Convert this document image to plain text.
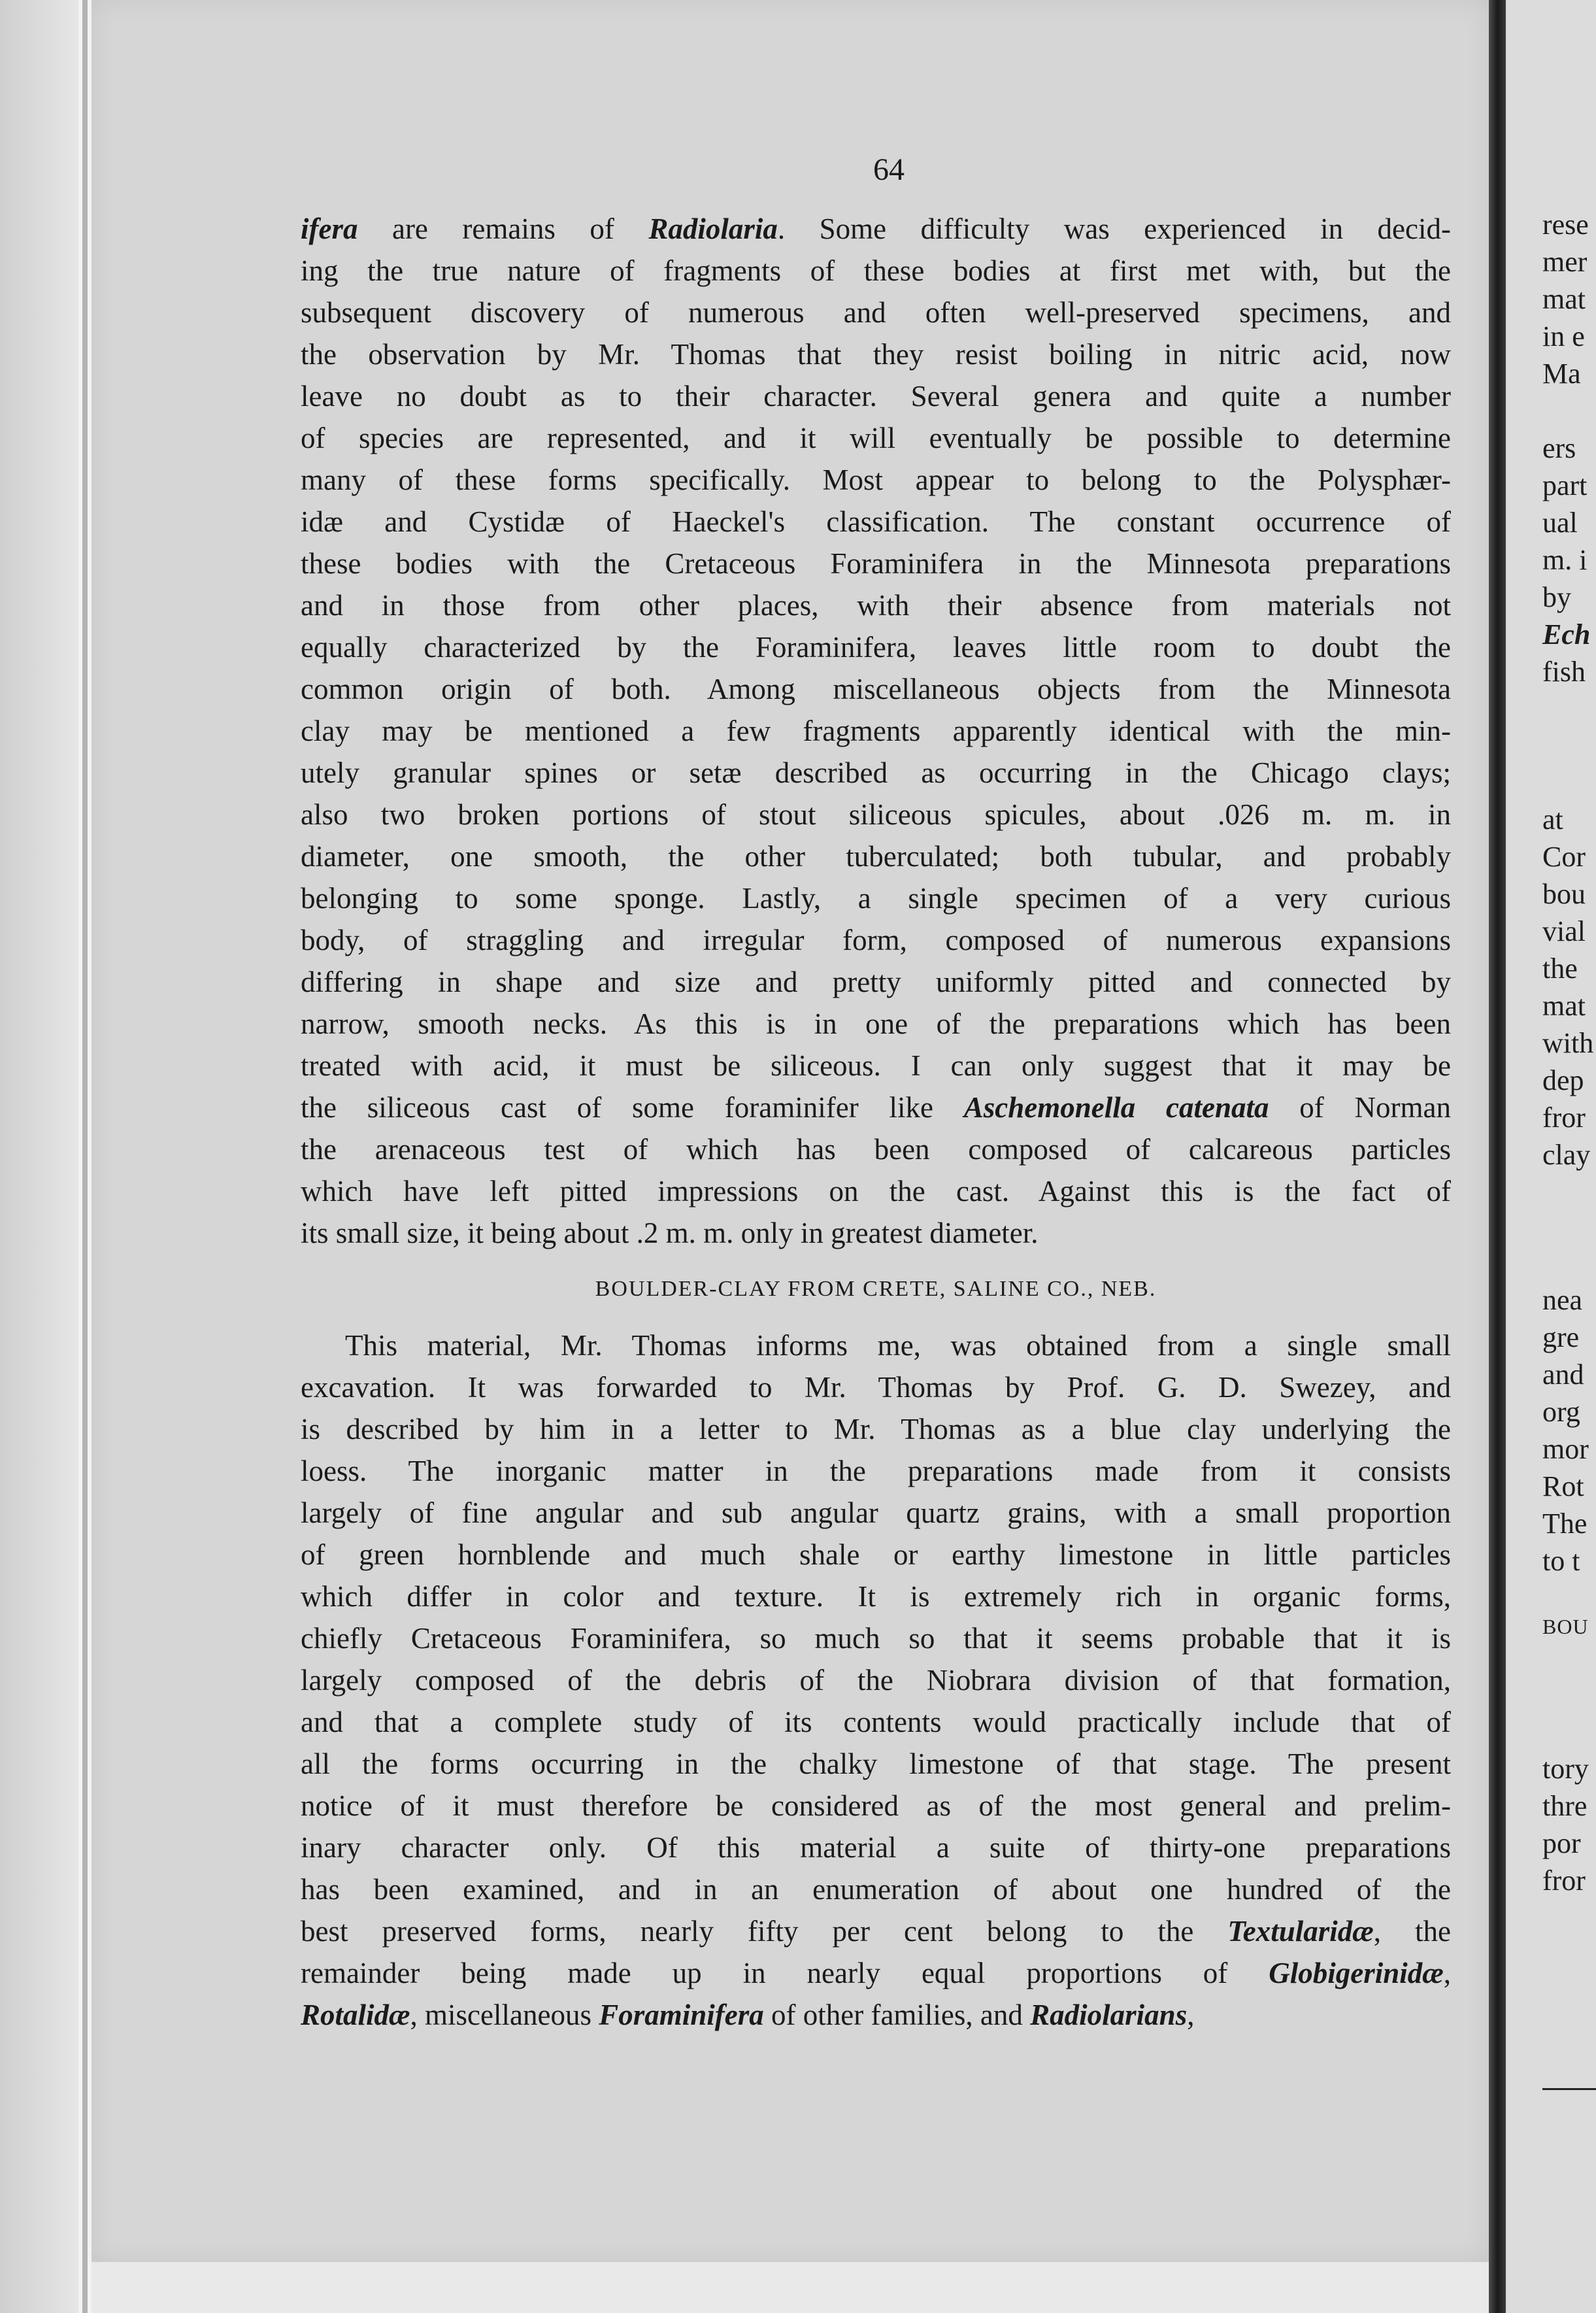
rese
mer
mat
in e
Ma
ers
part
ual
m. i
by
Ech
fish
at
Cor
bou
vial
the
mat
with
dep
fror
clay
nea
gre
and
org
mor
Rot
The
to t
BOU
tory
thre
por
fror
64
ifera are remains of Radiolaria. Some difficulty was experienced in decid-
ing the true nature of fragments of these bodies at first met with, but the
subsequent discovery of numerous and often well-preserved specimens, and
the observation by Mr. Thomas that they resist boiling in nitric acid, now
leave no doubt as to their character. Several genera and quite a number
of species are represented, and it will eventually be possible to determine
many of these forms specifically. Most appear to belong to the Polysphær-
idæ and Cystidæ of Haeckel's classification. The constant occurrence of
these bodies with the Cretaceous Foraminifera in the Minnesota preparations
and in those from other places, with their absence from materials not
equally characterized by the Foraminifera, leaves little room to doubt the
common origin of both. Among miscellaneous objects from the Minnesota
clay may be mentioned a few fragments apparently identical with the min-
utely granular spines or setæ described as occurring in the Chicago clays;
also two broken portions of stout siliceous spicules, about .026 m. m. in
diameter, one smooth, the other tuberculated; both tubular, and probably
belonging to some sponge. Lastly, a single specimen of a very curious
body, of straggling and irregular form, composed of numerous expansions
differing in shape and size and pretty uniformly pitted and connected by
narrow, smooth necks. As this is in one of the preparations which has been
treated with acid, it must be siliceous. I can only suggest that it may be
the siliceous cast of some foraminifer like Aschemonella catenata of Norman
the arenaceous test of which has been composed of calcareous particles
which have left pitted impressions on the cast. Against this is the fact of
its small size, it being about .2 m. m. only in greatest diameter.
BOULDER-CLAY FROM CRETE, SALINE CO., NEB.
This material, Mr. Thomas informs me, was obtained from a single small
excavation. It was forwarded to Mr. Thomas by Prof. G. D. Swezey, and
is described by him in a letter to Mr. Thomas as a blue clay underlying the
loess. The inorganic matter in the preparations made from it consists
largely of fine angular and sub angular quartz grains, with a small proportion
of green hornblende and much shale or earthy limestone in little particles
which differ in color and texture. It is extremely rich in organic forms,
chiefly Cretaceous Foraminifera, so much so that it seems probable that it is
largely composed of the debris of the Niobrara division of that formation,
and that a complete study of its contents would practically include that of
all the forms occurring in the chalky limestone of that stage. The present
notice of it must therefore be considered as of the most general and prelim-
inary character only. Of this material a suite of thirty-one preparations
has been examined, and in an enumeration of about one hundred of the
best preserved forms, nearly fifty per cent belong to the Textularidæ, the
remainder being made up in nearly equal proportions of Globigerinidæ,
Rotalidæ, miscellaneous Foraminifera of other families, and Radiolarians,
